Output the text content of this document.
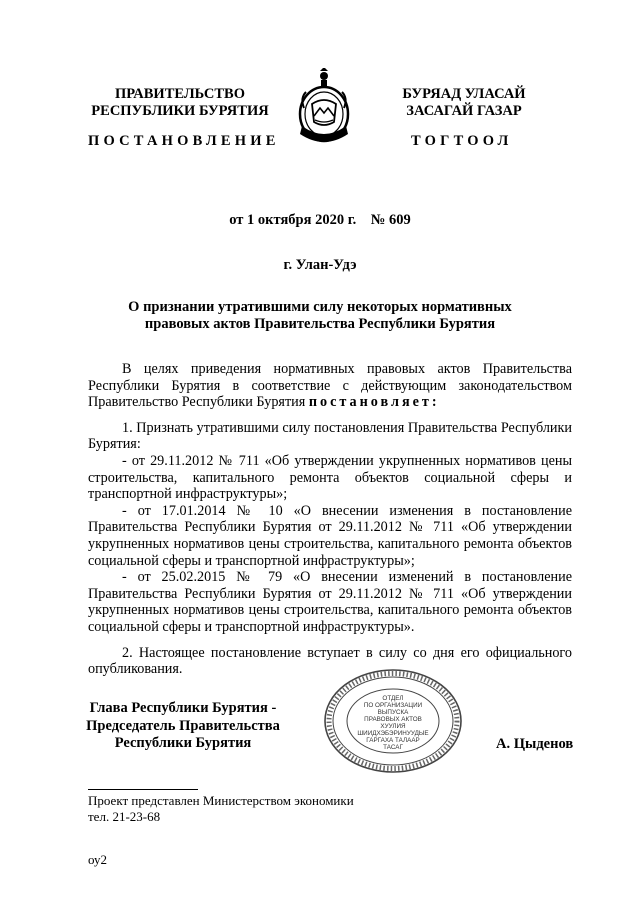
ПРАВИТЕЛЬСТВО
РЕСПУБЛИКИ БУРЯТИЯ
БУРЯАД УЛАСАЙ
ЗАСАГАЙ ГАЗАР
ПОСТАНОВЛЕНИЕ	ТОГТООЛ
от 1 октября 2020 г.    № 609
г. Улан-Удэ
О признании утратившими силу некоторых нормативных
правовых актов Правительства Республики Бурятия

В целях приведения нормативных правовых актов Правительства Республики Бурятия в соответствие с действующим законодательством Правительство Республики Бурятия постановляет:

1. Признать утратившими силу постановления Правительства Республики Бурятия:

- от 29.11.2012 № 711 «Об утверждении укрупненных нормативов цены строительства, капитального ремонта объектов социальной сферы и транспортной инфраструктуры»;

- от 17.01.2014 № 10 «О внесении изменения в постановление Правительства Республики Бурятия от 29.11.2012 № 711 «Об утверждении укрупненных нормативов цены строительства, капитального ремонта объектов социальной сферы и транспортной инфраструктуры»;

- от 25.02.2015 № 79 «О внесении изменений в постановление Правительства Республики Бурятия от 29.11.2012 № 711 «Об утверждении укрупненных нормативов цены строительства, капитального ремонта объектов социальной сферы и транспортной инфраструктуры».

2. Настоящее постановление вступает в силу со дня его официального опубликования.

Глава Республики Бурятия -
Председатель Правительства
Республики Бурятия
ОТДЕЛ
ПО ОРГАНИЗАЦИИ
ВЫПУСКА
ПРАВОВЫХ АКТОВ
ХУУЛИЯ
ШИИДХЭБЭРИНУУДЫЕ
ГАРГАХА ТАЛААР
ТАСАГ	А. Цыденов
Проект представлен Министерством экономики
тел. 21-23-68
оу2
